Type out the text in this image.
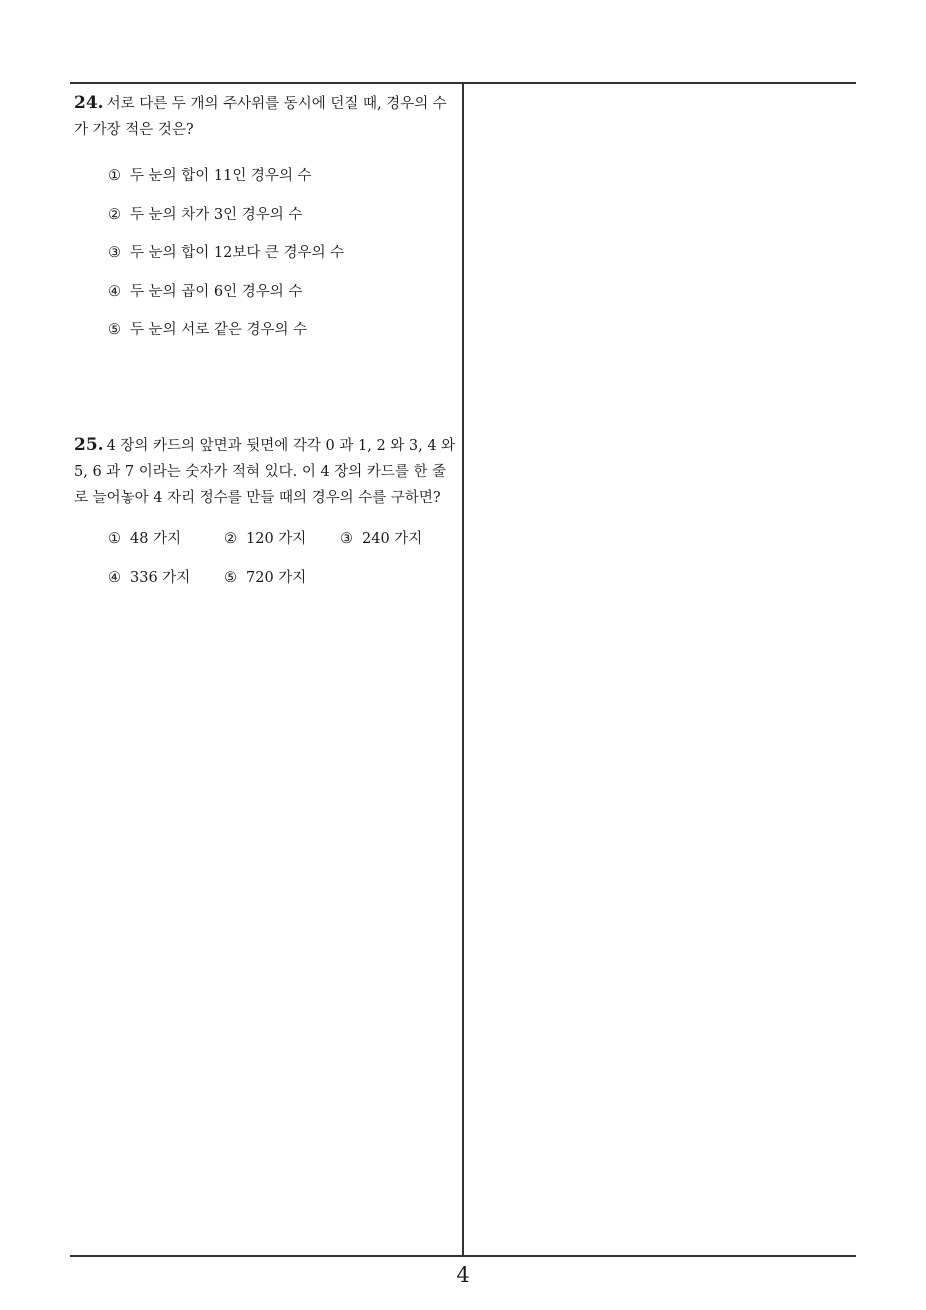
24. 서로 다른 두 개의 주사위를 동시에 던질 때, 경우의 수가 가장 적은 것은?
① 두 눈의 합이 11인 경우의 수
② 두 눈의 차가 3인 경우의 수
③ 두 눈의 합이 12보다 큰 경우의 수
④ 두 눈의 곱이 6인 경우의 수
⑤ 두 눈의 서로 같은 경우의 수
25. 4 장의 카드의 앞면과 뒷면에 각각 0 과 1, 2 와 3, 4 와 5, 6 과 7 이라는 숫자가 적혀 있다. 이 4 장의 카드를 한 줄로 늘어놓아 4 자리 정수를 만들 때의 경우의 수를 구하면?
① 48 가지	② 120 가지 ③ 240 가지
④ 336 가지 ⑤ 720 가지
4
